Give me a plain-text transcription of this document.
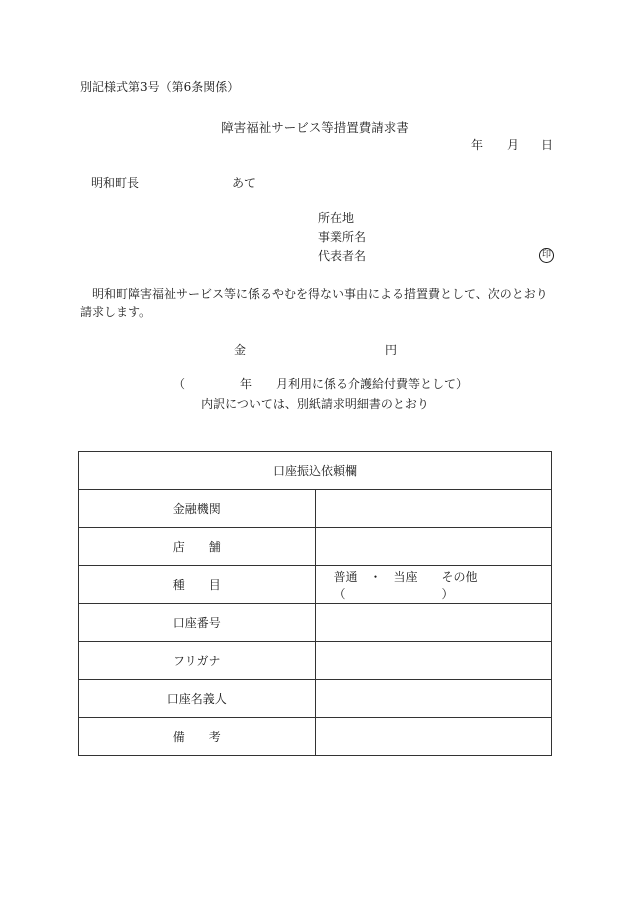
別記様式第3号（第6条関係）
障害福祉サービス等措置費請求書
年 月 日
明和町長	あて
所在地
事業所名
代表者名	印
明和町障害福祉サービス等に係るやむを得ない事由による措置費として、次のとおり請求します。
金	円
（	年 月利用に係る介護給付費等として）
内訳については、別紙請求明細書のとおり
口座振込依頼欄	
金融機関	
店　　舗	
種　　目	普通　・　当座　　その他（　　　　　　　　）
口座番号	
フリガナ	
口座名義人	
備　　考	
